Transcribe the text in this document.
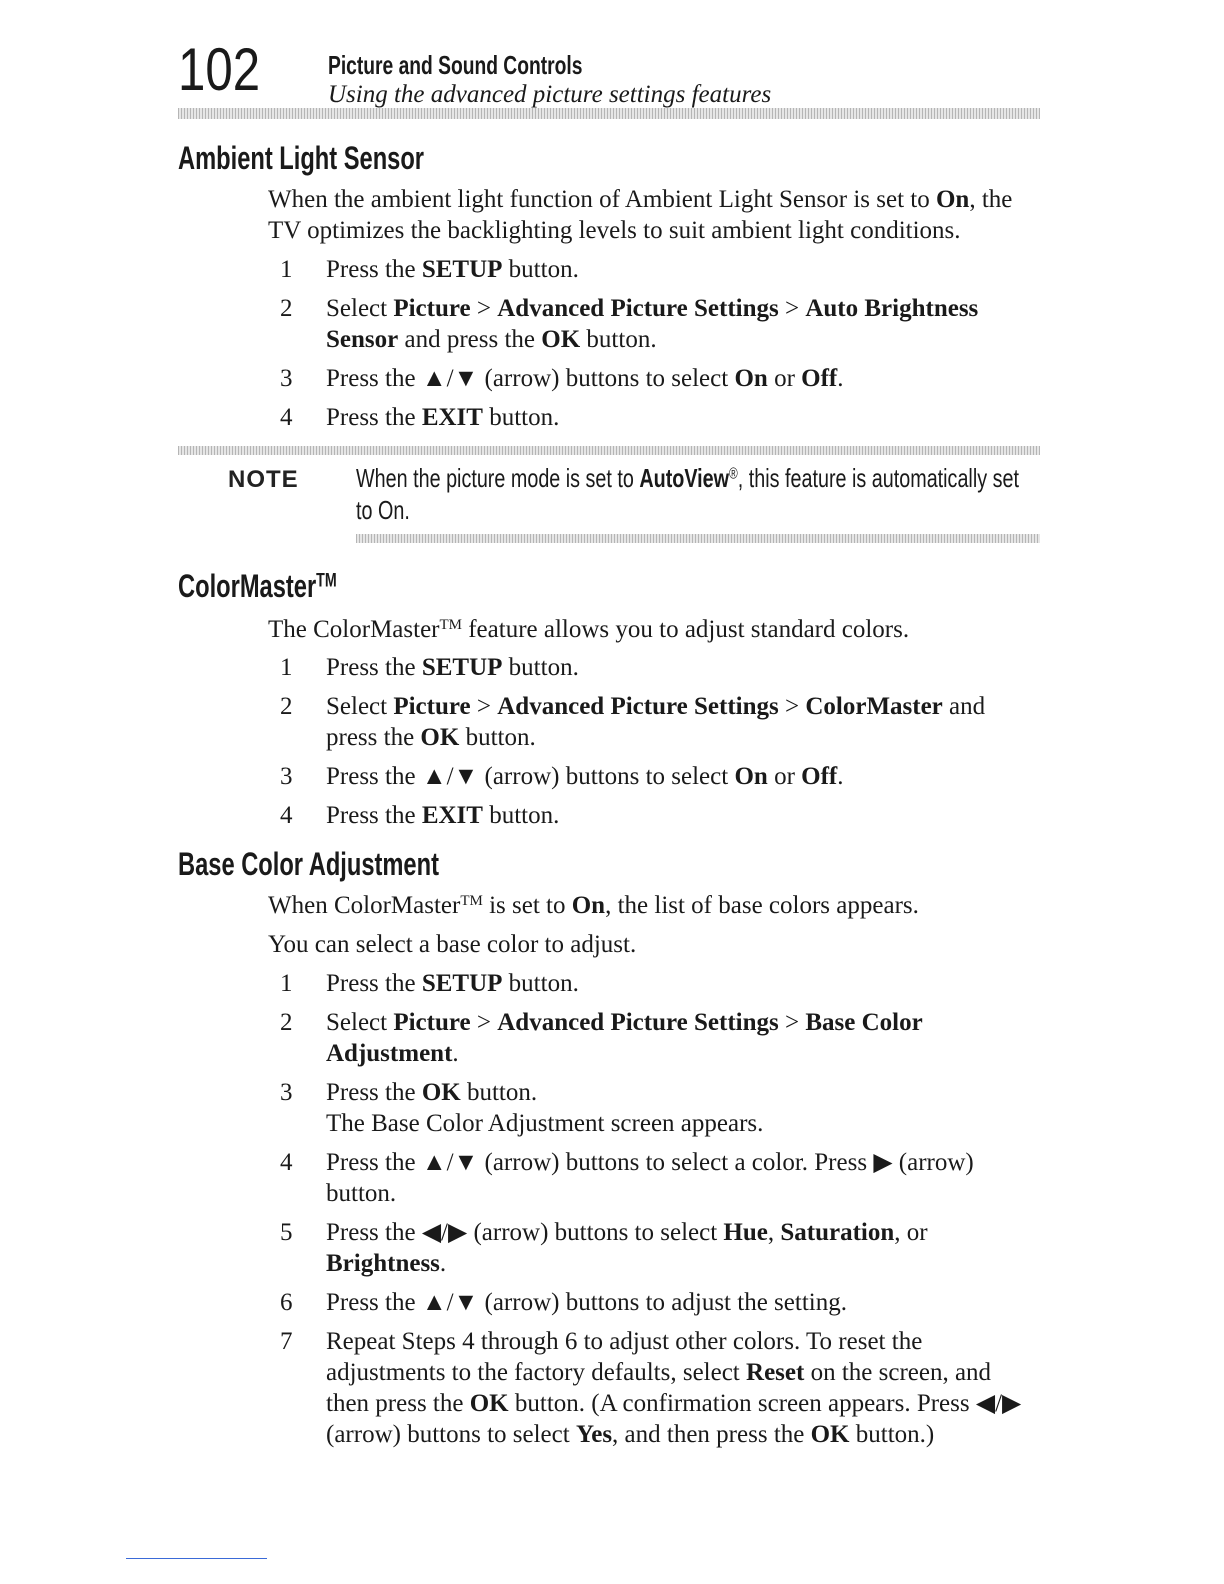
102	Picture and Sound Controls
Using the advanced picture settings features
Ambient Light Sensor

When the ambient light function of Ambient Light Sensor is set to On, the TV optimizes the backlighting levels to suit ambient light conditions.

1	Press the SETUP button.
2	Select Picture > Advanced Picture Settings > Auto Brightness Sensor and press the OK button.
3	Press the ▲/▼ (arrow) buttons to select On or Off.
4	Press the EXIT button.
NOTE When the picture mode is set to AutoView®, this feature is automatically set to On.
ColorMaster™

The ColorMaster™ feature allows you to adjust standard colors.

1	Press the SETUP button.
2	Select Picture > Advanced Picture Settings > ColorMaster and press the OK button.
3	Press the ▲/▼ (arrow) buttons to select On or Off.
4	Press the EXIT button.
Base Color Adjustment

When ColorMaster™ is set to On, the list of base colors appears.

You can select a base color to adjust.

1	Press the SETUP button.
2	Select Picture > Advanced Picture Settings > Base Color Adjustment.
3	Press the OK button.
The Base Color Adjustment screen appears.
4	Press the ▲/▼ (arrow) buttons to select a color. Press ▶ (arrow) button.
5	Press the ◀/▶ (arrow) buttons to select Hue, Saturation, or Brightness.
6	Press the ▲/▼ (arrow) buttons to adjust the setting.
7	Repeat Steps 4 through 6 to adjust other colors. To reset the adjustments to the factory defaults, select Reset on the screen, and then press the OK button. (A confirmation screen appears. Press ◀/▶ (arrow) buttons to select Yes, and then press the OK button.)
